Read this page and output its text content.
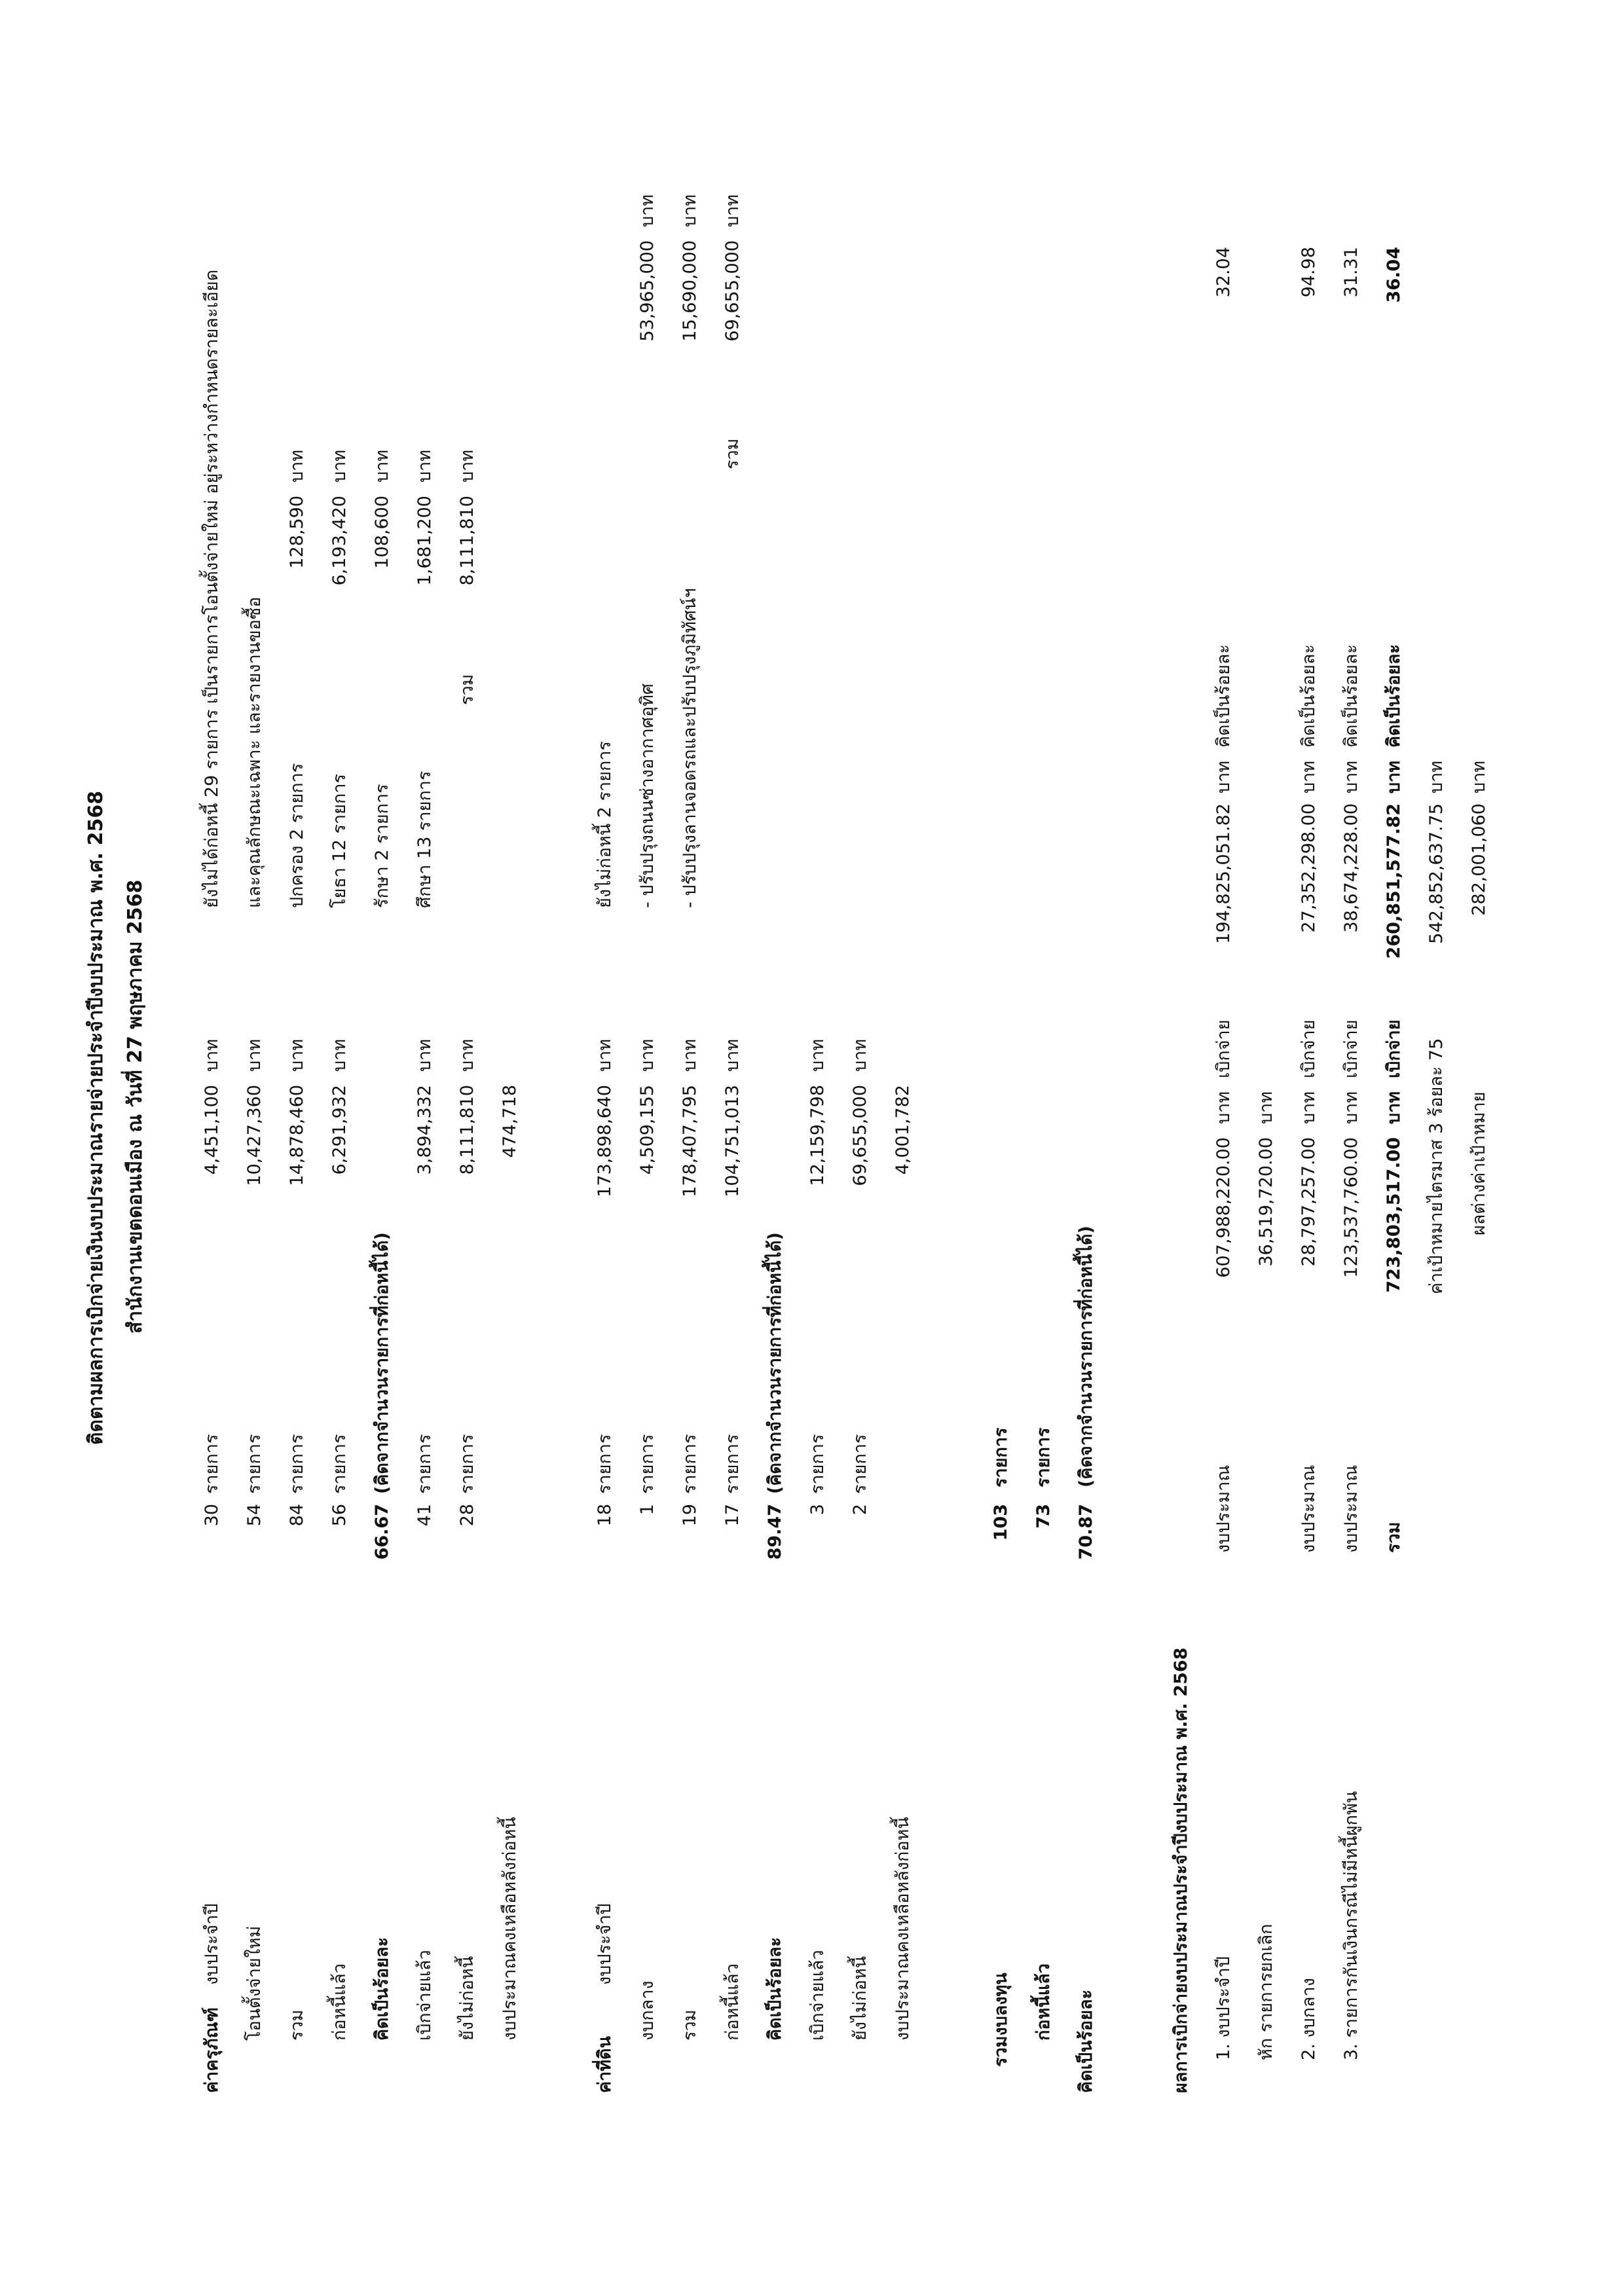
ติดตามผลการเบิกจ่ายเงินงบประมาณรายจ่ายประจำปีงบประมาณ พ.ศ. 2568 สำนักงานเขตดอนเมือง ณ วันที่ 27 พฤษภาคม 2568
ค่าครุภัณฑ์
งบประจำปี
30
รายการ
4,451,100
บาท
โอนตั้งจ่ายใหม่
54
รายการ
10,427,360
บาท
รวม
84
รายการ
14,878,460
บาท
ก่อหนี้แล้ว
56
รายการ
6,291,932
บาท
คิดเป็นร้อยละ
66.67
(คิดจากจำนวนรายการที่ก่อหนี้ได้)
เบิกจ่ายแล้ว
41
รายการ
3,894,332
บาท
ยังไม่ก่อหนี้
28
รายการ
8,111,810
บาท
งบประมาณคงเหลือหลังก่อหนี้
474,718
ยังไม่ได้ก่อหนี้ 29 รายการ เป็นรายการโอนตั้งจ่ายใหม่ อยู่ระหว่างกำหนดรายละเอียด และคุณลักษณะเฉพาะ และรายงานขอซื้อ ปกครอง 2 รายการ
128,590
บาท
โยธา 12 รายการ
6,193,420
บาท
รักษา 2 รายการ
108,600
บาท
ศึกษา 13 รายการ
1,681,200
บาท
รวม
8,111,810
บาท
ค่าที่ดิน
งบประจำปี
18
รายการ
173,898,640
บาท
งบกลาง
1
รายการ
4,509,155
บาท
รวม
19
รายการ
178,407,795
บาท
ก่อหนี้แล้ว
17
รายการ
104,751,013
บาท
คิดเป็นร้อยละ
89.47
(คิดจากจำนวนรายการที่ก่อหนี้ได้)
เบิกจ่ายแล้ว
3
รายการ
12,159,798
บาท
ยังไม่ก่อหนี้
2
รายการ
69,655,000
บาท
งบประมาณคงเหลือหลังก่อหนี้
4,001,782
ยังไม่ก่อหนี้ 2 รายการ - ปรับปรุงถนนซ่างอากาศอุทิศ
53,965,000
บาท
- ปรับปรุงลานจอดรถและปรับปรุงภูมิทัศน์ฯ
15,690,000
บาท
รวม
69,655,000
บาท
รวมงบลงทุน
103
รายการ
ก่อหนี้แล้ว
73
รายการ
คิดเป็นร้อยละ
70.87
(คิดจากจำนวนรายการที่ก่อหนี้ได้)
ผลการเบิกจ่ายงบประมาณประจำปีงบประมาณ พ.ศ. 2568 1. งบประจำปี
งบประมาณ
607,988,220.00
บาท
เบิกจ่าย
194,825,051.82
บาท
คิดเป็นร้อยละ
32.04
หัก รายการยกเลิก
36,519,720.00
บาท
2. งบกลาง
งบประมาณ
28,797,257.00
บาท
เบิกจ่าย
27,352,298.00
บาท
คิดเป็นร้อยละ
94.98
3. รายการกันเงินกรณีไม่มีหนี้ผูกพัน
งบประมาณ
123,537,760.00
บาท
เบิกจ่าย
38,674,228.00
บาท
คิดเป็นร้อยละ
31.31
รวม
723,803,517.00
บาท
เบิกจ่าย
260,851,577.82
บาท
คิดเป็นร้อยละ
36.04
ค่าเป้าหมายไตรมาส 3 ร้อยละ 75
542,852,637.75
บาท
ผลต่างค่าเป้าหมาย
282,001,060
บาท
